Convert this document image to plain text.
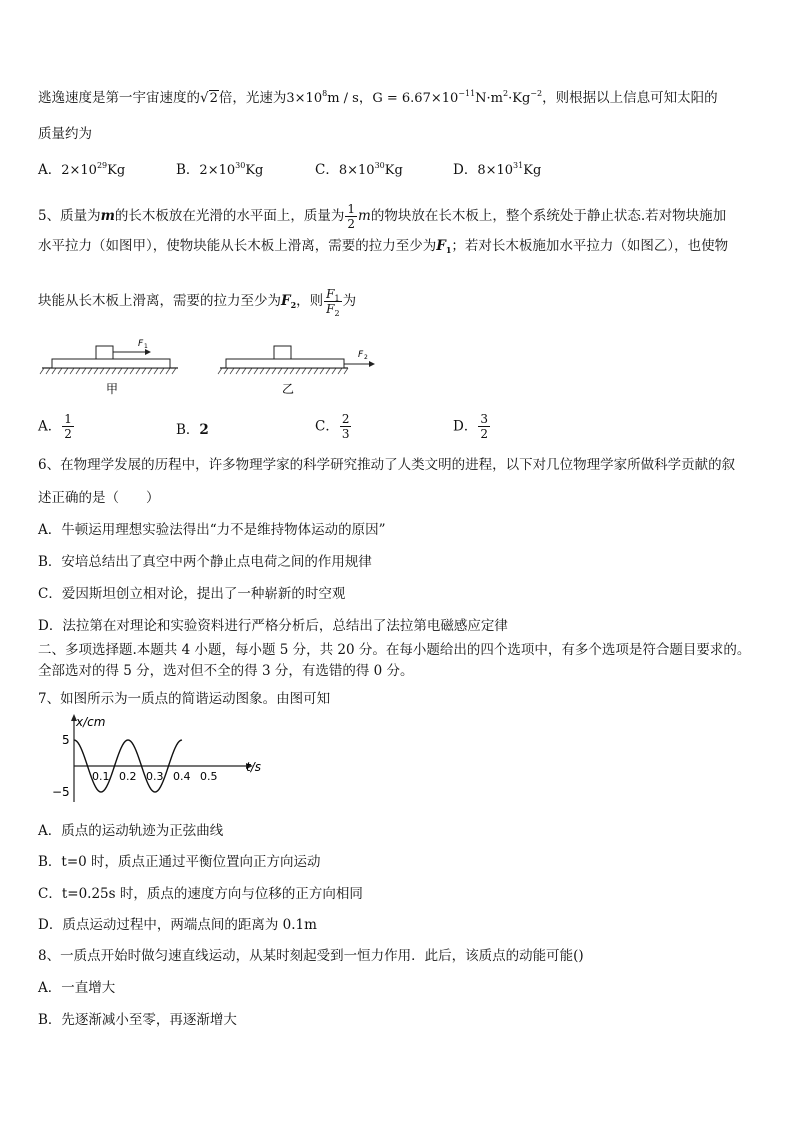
逃逸速度是第一宇宙速度的√2倍，光速为$3\times 10^8m / s$，$G = 6.67\times 10^{-11}N\cdot m^2\cdot Kg^{-2}$，则根据以上信息可知太阳的
质量约为
A．$2\times 10^{29}Kg$	B．$2\times 10^{30}Kg$	C．$8\times 10^{30}Kg$	D．$8\times 10^{31}Kg$
5、质量为m的长木板放在光滑的水平面上，质量为 $\frac{1}{2}$ m的物块放在长木板上，整个系统处于静止状态.若对物块施加
水平拉力（如图甲），使物块能从长木板上滑离，需要的拉力至少为$F_1$；若对长木板施加水平拉力（如图乙），也使物
块能从长木板上滑离，需要的拉力至少为$F_2$，则 $\frac{F_1}{F_2}$ 为
F 1
甲
F 2
乙
A． $\frac{1}{2}$	B．2	C． $\frac{2}{3}$	D． $\frac{3}{2}$
6、在物理学发展的历程中，许多物理学家的科学研究推动了人类文明的进程，以下对几位物理学家所做科学贡献的叙
述正确的是（　　）
A．牛顿运用理想实验法得出“力不是维持物体运动的原因”
B．安培总结出了真空中两个静止点电荷之间的作用规律
C．爱因斯坦创立相对论，提出了一种崭新的时空观
D．法拉第在对理论和实验资料进行严格分析后，总结出了法拉第电磁感应定律
二、多项选择题.本题共 4 小题，每小题 5 分，共 20 分。在每小题给出的四个选项中，有多个选项是符合题目要求的。
全部选对的得 5 分，选对但不全的得 3 分，有选错的得 0 分。
7、如图所示为一质点的简谐运动图象。由图可知
x/cm
t/s
5
−5
0.1 0.2 0.3 0.4 0.5
A．质点的运动轨迹为正弦曲线
B．t=0 时，质点正通过平衡位置向正方向运动
C．t=0.25s 时，质点的速度方向与位移的正方向相同
D．质点运动过程中，两端点间的距离为 0.1m
8、一质点开始时做匀速直线运动，从某时刻起受到一恒力作用．此后，该质点的动能可能()
A．一直增大
B．先逐渐减小至零，再逐渐增大
